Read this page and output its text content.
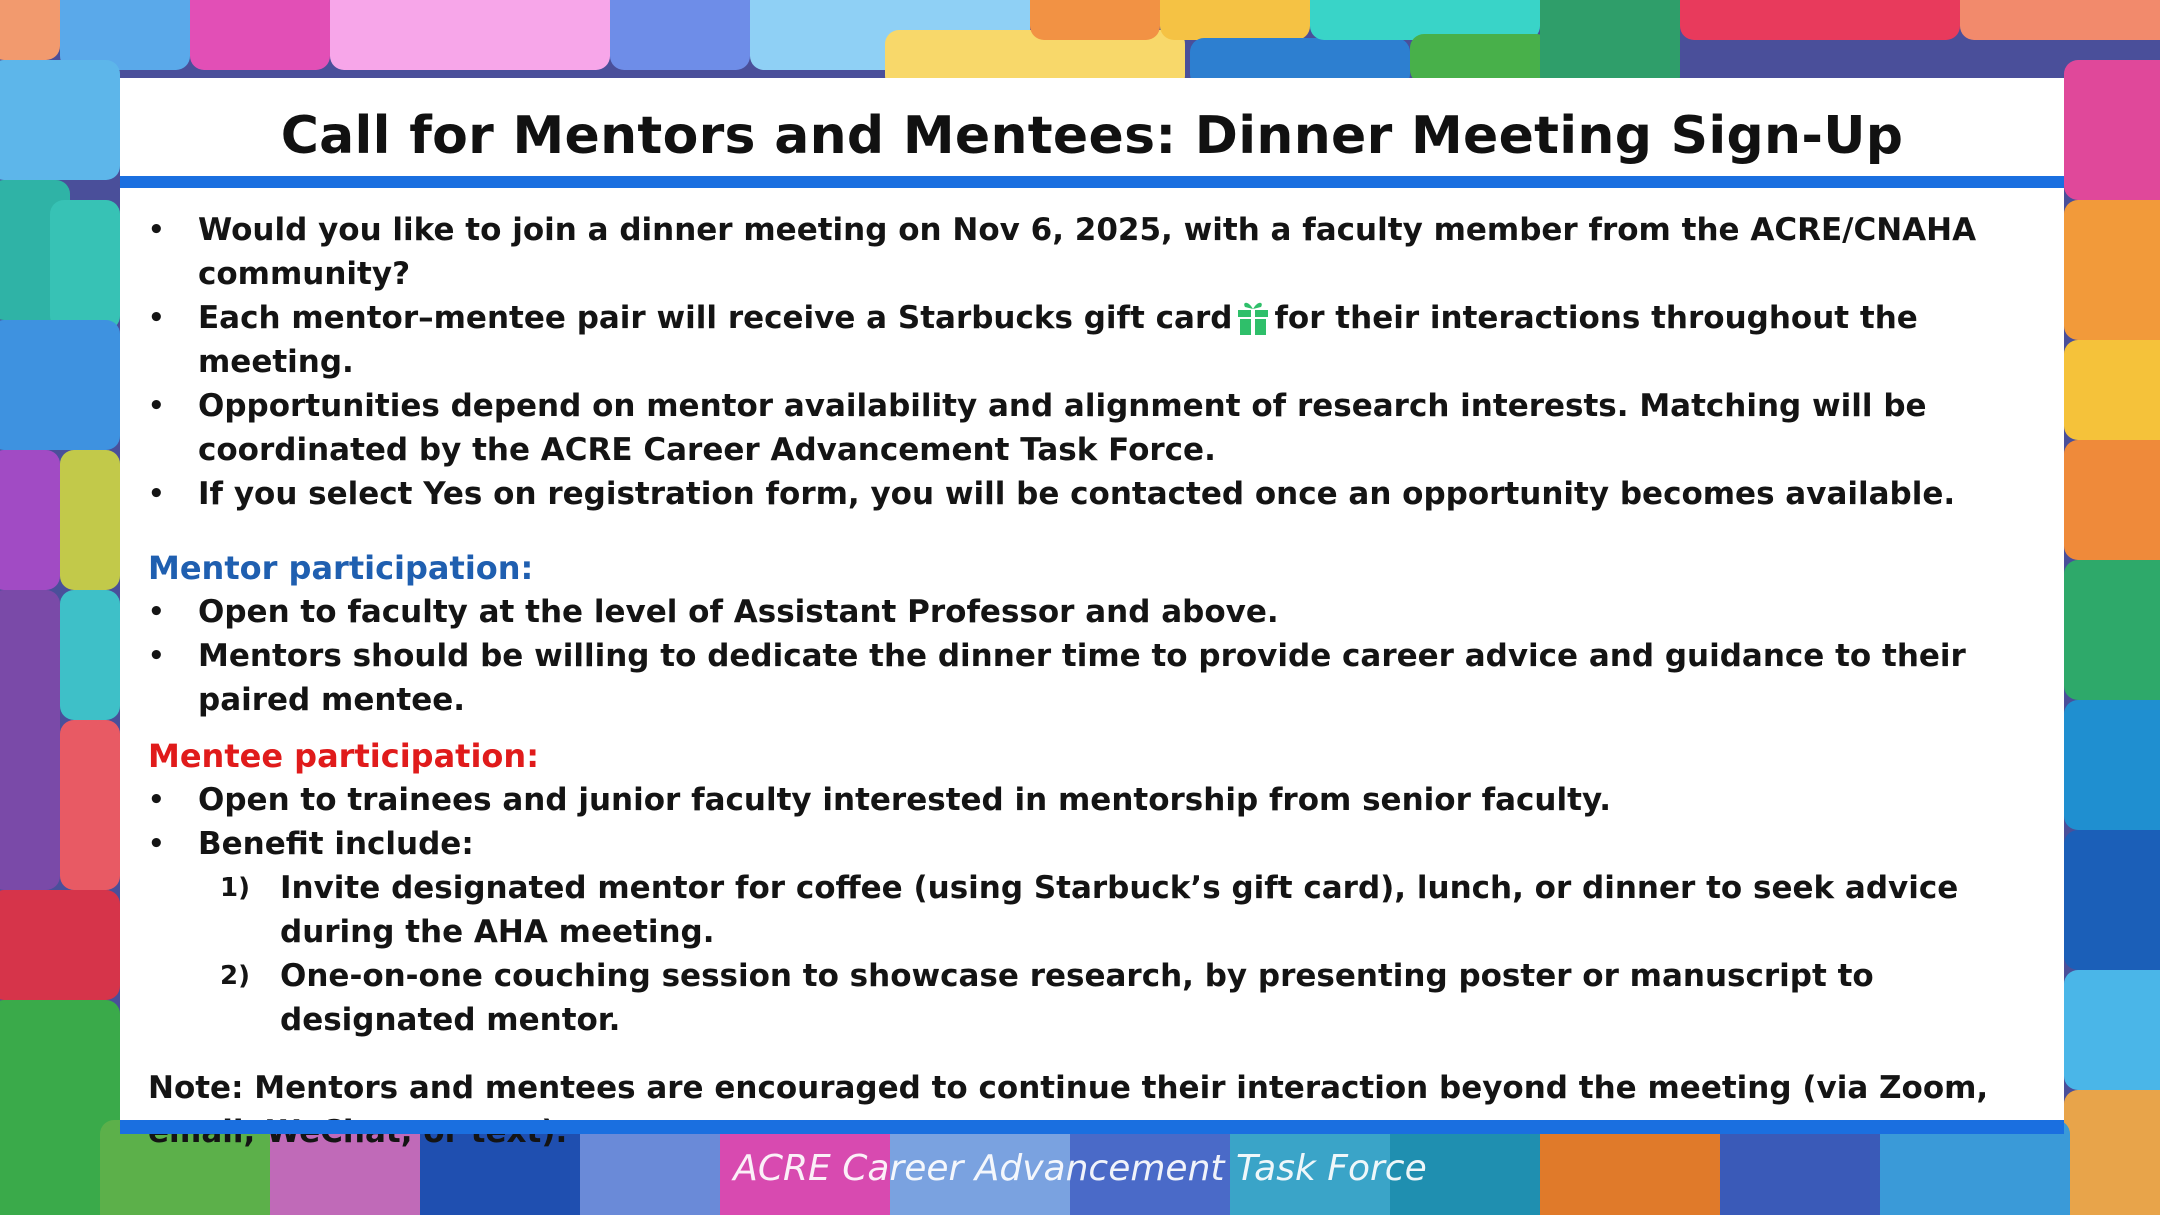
Call for Mentors and Mentees: Dinner Meeting Sign-Up
• Would you like to join a dinner meeting on Nov 6, 2025, with a faculty member from the ACRE/CNAHA community?
• Each mentor–mentee pair will receive a Starbucks gift card for their interactions throughout the meeting.
• Opportunities depend on mentor availability and alignment of research interests. Matching will be coordinated by the ACRE Career Advancement Task Force.
• If you select Yes on registration form, you will be contacted once an opportunity becomes available.
Mentor participation:
• Open to faculty at the level of Assistant Professor and above.
• Mentors should be willing to dedicate the dinner time to provide career advice and guidance to their paired mentee.
Mentee participation:
• Open to trainees and junior faculty interested in mentorship from senior faculty.
• Benefit include:
1) Invite designated mentor for coffee (using Starbuck’s gift card), lunch, or dinner to seek advice during the AHA meeting.
2) One-on-one couching session to showcase research, by presenting poster or manuscript to designated mentor.
Note: Mentors and mentees are encouraged to continue their interaction beyond the meeting (via Zoom,
ACRE Career Advancement Task Force
